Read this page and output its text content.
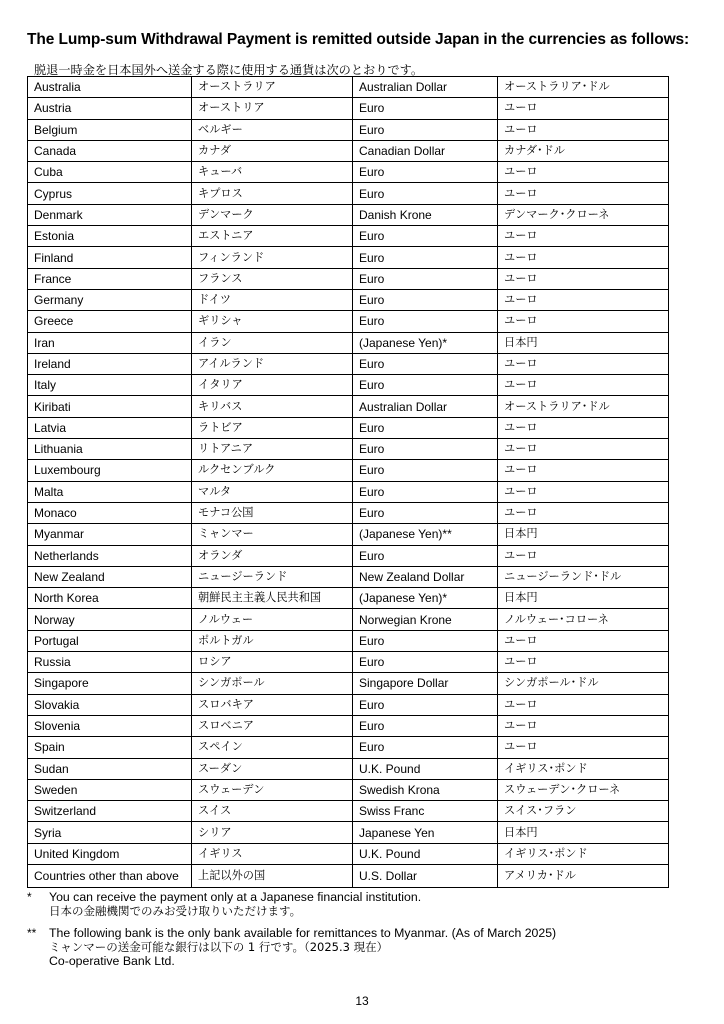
The Lump-sum Withdrawal Payment is remitted outside Japan in the currencies as follows:
脱退一時金を日本国外へ送金する際に使用する通貨は次のとおりです。
Australia	オーストラリア	Australian Dollar	オーストラリア･ドル
Austria	オーストリア	Euro	ユーロ
Belgium	ベルギー	Euro	ユーロ
Canada	カナダ	Canadian Dollar	カナダ･ドル
Cuba	キューバ	Euro	ユーロ
Cyprus	キプロス	Euro	ユーロ
Denmark	デンマーク	Danish Krone	デンマーク･クローネ
Estonia	エストニア	Euro	ユーロ
Finland	フィンランド	Euro	ユーロ
France	フランス	Euro	ユーロ
Germany	ドイツ	Euro	ユーロ
Greece	ギリシャ	Euro	ユーロ
Iran	イラン	(Japanese Yen)*	日本円
Ireland	アイルランド	Euro	ユーロ
Italy	イタリア	Euro	ユーロ
Kiribati	キリバス	Australian Dollar	オーストラリア･ドル
Latvia	ラトビア	Euro	ユーロ
Lithuania	リトアニア	Euro	ユーロ
Luxembourg	ルクセンブルク	Euro	ユーロ
Malta	マルタ	Euro	ユーロ
Monaco	モナコ公国	Euro	ユーロ
Myanmar	ミャンマー	(Japanese Yen)**	日本円
Netherlands	オランダ	Euro	ユーロ
New Zealand	ニュージーランド	New Zealand Dollar	ニュージーランド･ドル
North Korea	朝鮮民主主義人民共和国	(Japanese Yen)*	日本円
Norway	ノルウェー	Norwegian Krone	ノルウェー･コローネ
Portugal	ポルトガル	Euro	ユーロ
Russia	ロシア	Euro	ユーロ
Singapore	シンガポール	Singapore Dollar	シンガポール･ドル
Slovakia	スロバキア	Euro	ユーロ
Slovenia	スロベニア	Euro	ユーロ
Spain	スペイン	Euro	ユーロ
Sudan	スーダン	U.K. Pound	イギリス･ポンド
Sweden	スウェーデン	Swedish Krona	スウェーデン･クローネ
Switzerland	スイス	Swiss Franc	スイス･フラン
Syria	シリア	Japanese Yen	日本円
United Kingdom	イギリス	U.K. Pound	イギリス･ポンド
Countries other than above	上記以外の国	U.S. Dollar	アメリカ･ドル
*	You can receive the payment only at a Japanese financial institution.
日本の金融機関でのみお受け取りいただけます。
**	The following bank is the only bank available for remittances to Myanmar. (As of March 2025)
ミャンマーの送金可能な銀行は以下の 1 行です。（2025.3 現在）
Co-operative Bank Ltd.
13
